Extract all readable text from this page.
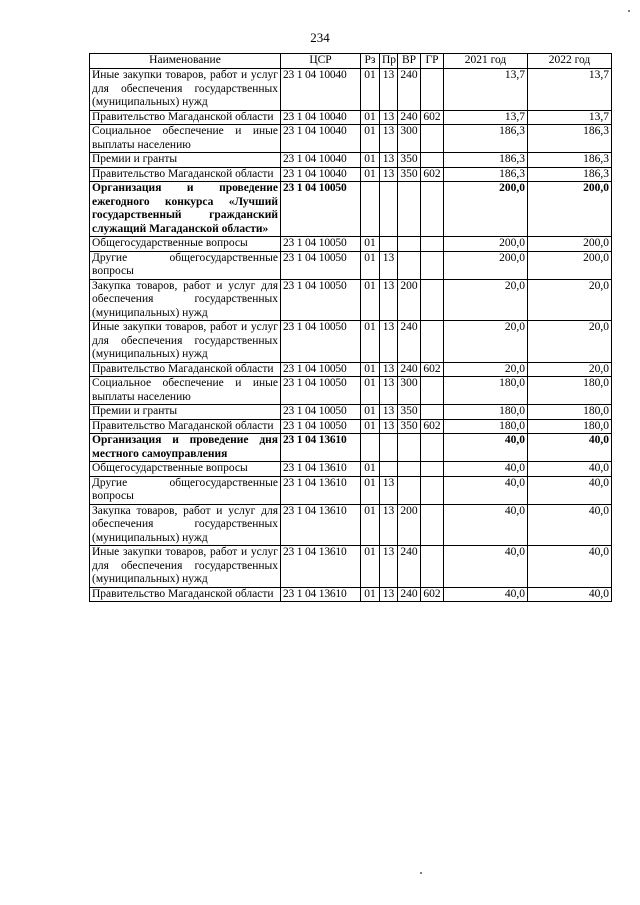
234
Наименование	ЦСР	Рз	Пр	ВР	ГР	2021 год	2022 год
Иные закупки товаров, работ и услуг для обеспечения государственных (муниципальных) нужд	23 1 04 10040	01	13	240		13,7	13,7
Правительство Магаданской области	23 1 04 10040	01	13	240	602	13,7	13,7
Социальное обеспечение и иные выплаты населению	23 1 04 10040	01	13	300		186,3	186,3
Премии и гранты	23 1 04 10040	01	13	350		186,3	186,3
Правительство Магаданской области	23 1 04 10040	01	13	350	602	186,3	186,3
Организация и проведение ежегодного конкурса «Лучший государственный гражданский служащий Магаданской области»	23 1 04 10050					200,0	200,0
Общегосударственные вопросы	23 1 04 10050	01				200,0	200,0
Другие общегосударственные вопросы	23 1 04 10050	01	13			200,0	200,0
Закупка товаров, работ и услуг для обеспечения государственных (муниципальных) нужд	23 1 04 10050	01	13	200		20,0	20,0
Иные закупки товаров, работ и услуг для обеспечения государственных (муниципальных) нужд	23 1 04 10050	01	13	240		20,0	20,0
Правительство Магаданской области	23 1 04 10050	01	13	240	602	20,0	20,0
Социальное обеспечение и иные выплаты населению	23 1 04 10050	01	13	300		180,0	180,0
Премии и гранты	23 1 04 10050	01	13	350		180,0	180,0
Правительство Магаданской области	23 1 04 10050	01	13	350	602	180,0	180,0
Организация и проведение дня местного самоуправления	23 1 04 13610					40,0	40,0
Общегосударственные вопросы	23 1 04 13610	01				40,0	40,0
Другие общегосударственные вопросы	23 1 04 13610	01	13			40,0	40,0
Закупка товаров, работ и услуг для обеспечения государственных (муниципальных) нужд	23 1 04 13610	01	13	200		40,0	40,0
Иные закупки товаров, работ и услуг для обеспечения государственных (муниципальных) нужд	23 1 04 13610	01	13	240		40,0	40,0
Правительство Магаданской области	23 1 04 13610	01	13	240	602	40,0	40,0
